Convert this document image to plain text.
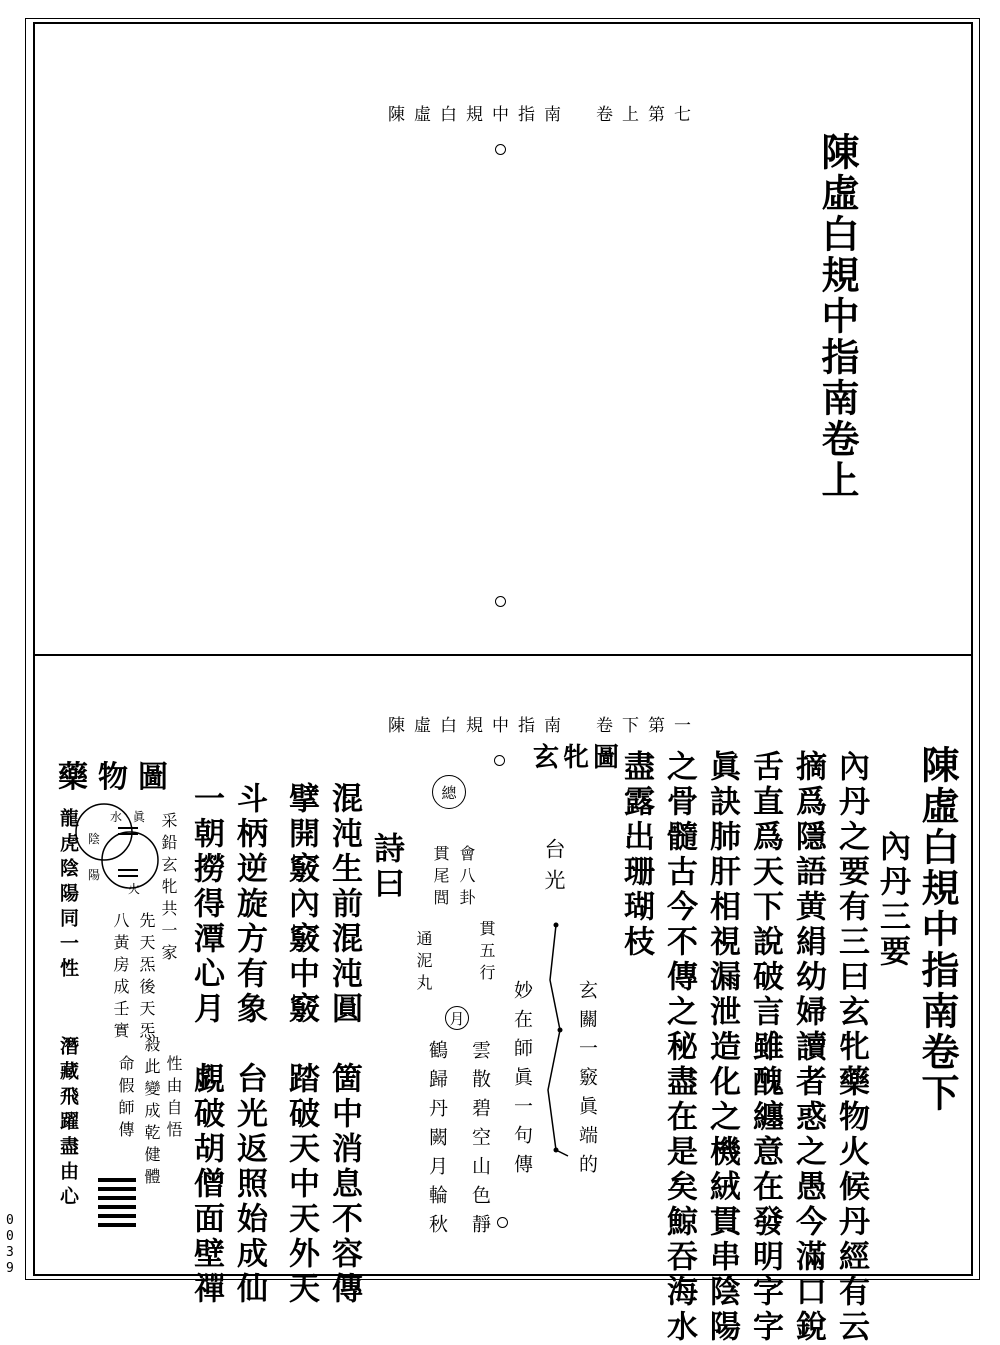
陳虛白規中指南　卷上第七
陳虛白規中指南卷上
陳虛白規中指南　卷下第一
陳虛白規中指南卷下
內丹三要
內丹之要有三曰玄牝藥物火候丹經有云
摘爲隱語黄絹幼婦讀者惑之愚今滿口銳
舌直爲天下說破言雖醜纏意在發明字字
眞訣肺肝相視漏泄造化之機絨貫串陰陽
之骨髓古今不傳之秘盡在是矣鯨吞海水
盡露出珊瑚枝
玄牝圖
台光
總
月	玄關一竅眞端的
妙在師眞一句傳
雲散碧空山色靜
鶴歸丹闕月輪秋
會八卦
貫五行
通泥丸
貫尾閭
詩曰
混沌生前混沌圓　箇中消息不容傳
擘開竅內竅中竅　踏破天中天外天
斗柄逆旋方有象　台光返照始成仙
一朝撈得潭心月　覷破胡僧面壁禪
藥物圖
水 眞
火
陰
陽	采鉛玄牝共一家
先天炁後天炁
八黃房成壬實
性由自悟
殺此變成乾健體
命假師傳
龍虎陰陽同一性
潛藏飛躍盡由心
0039
